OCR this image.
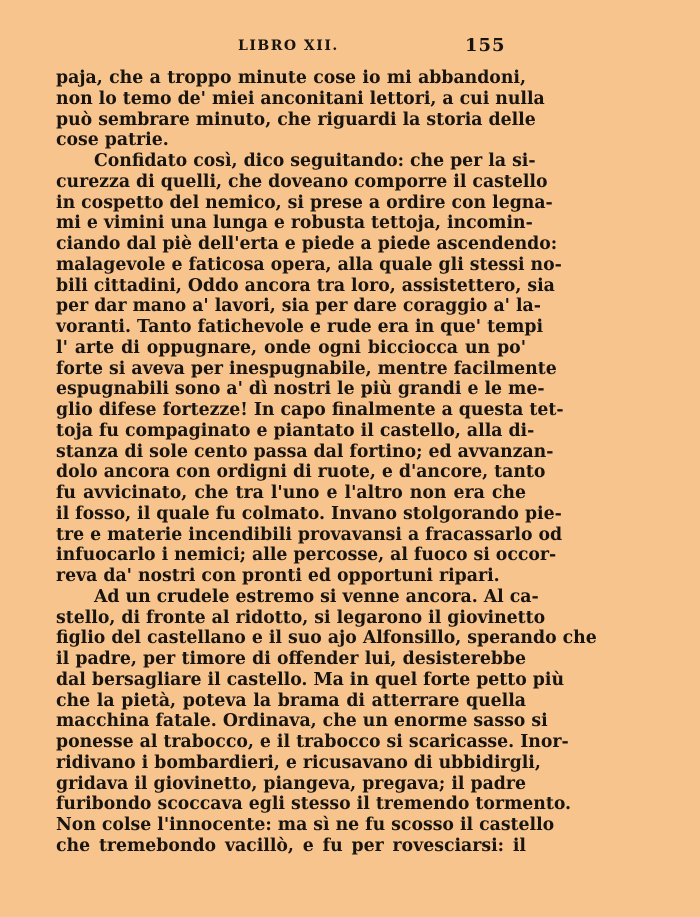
LIBRO XII.	155
paja, che a troppo minute cose io mi abbandoni,
non lo temo de' miei anconitani lettori, a cui nulla
può sembrare minuto, che riguardi la storia delle
cose patrie.
Confidato così, dico seguitando: che per la si-
curezza di quelli, che doveano comporre il castello
in cospetto del nemico, si prese a ordire con legna-
mi e vimini una lunga e robusta tettoja, incomin-
ciando dal piè dell'erta e piede a piede ascendendo:
malagevole e faticosa opera, alla quale gli stessi no-
bili cittadini, Oddo ancora tra loro, assistettero, sia
per dar mano a' lavori, sia per dare coraggio a' la-
voranti. Tanto fatichevole e rude era in que' tempi
l' arte di oppugnare, onde ogni bicciocca un po'
forte si aveva per inespugnabile, mentre facilmente
espugnabili sono a' dì nostri le più grandi e le me-
glio difese fortezze! In capo finalmente a questa tet-
toja fu compaginato e piantato il castello, alla di-
stanza di sole cento passa dal fortino; ed avvanzan-
dolo ancora con ordigni di ruote, e d'ancore, tanto
fu avvicinato, che tra l'uno e l'altro non era che
il fosso, il quale fu colmato. Invano stolgorando pie-
tre e materie incendibili provavansi a fracassarlo od
infuocarlo i nemici; alle percosse, al fuoco si occor-
reva da' nostri con pronti ed opportuni ripari.
Ad un crudele estremo si venne ancora. Al ca-
stello, di fronte al ridotto, si legarono il giovinetto
figlio del castellano e il suo ajo Alfonsillo, sperando che
il padre, per timore di offender lui, desisterebbe
dal bersagliare il castello. Ma in quel forte petto più
che la pietà, poteva la brama di atterrare quella
macchina fatale. Ordinava, che un enorme sasso si
ponesse al trabocco, e il trabocco si scaricasse. Inor-
ridivano i bombardieri, e ricusavano di ubbidirgli,
gridava il giovinetto, piangeva, pregava; il padre
furibondo scoccava egli stesso il tremendo tormento.
Non colse l'innocente: ma sì ne fu scosso il castello
che tremebondo vacillò, e fu per rovesciarsi: il
